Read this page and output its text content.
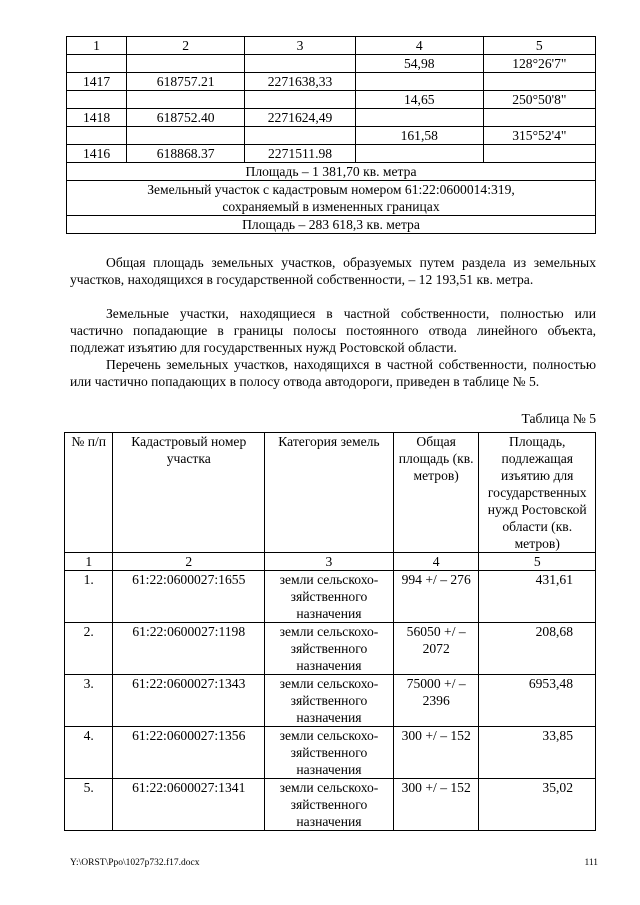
1	2	3	4	5
			54,98	128°26'7"
1417	618757.21	2271638,33		
			14,65	250°50'8"
1418	618752.40	2271624,49		
			161,58	315°52'4"
1416	618868.37	2271511.98		
Площадь – 1 381,70 кв. метра				

Земельный участок с кадастровым номером 61:22:0600014:319,
сохраняемый в измененных границах				

Площадь – 283 618,3 кв. метра				

Общая площадь земельных участков, образуемых путем раздела из земельных участков, находящихся в государственной собственности, – 12 193,51 кв. метра.

Земельные участки, находящиеся в частной собственности, полностью или частично попадающие в границы полосы постоянного отвода линейного объекта, подлежат изъятию для государственных нужд Ростовской области.

Перечень земельных участков, находящихся в частной собственности, полностью или частично попадающих в полосу отвода автодороги, приведен в таблице № 5.

Таблица № 5
№ п/п	Кадастровый номер участка	Категория земель	Общая площадь (кв. метров)	Площадь, подлежащая изъятию для государственных нужд Ростовской области (кв. метров)
1	2	3	4	5
1.	61:22:0600027:1655	земли сельскохо-зяйственного назначения	994 +/ – 276	431,61
2.	61:22:0600027:1198	земли сельскохо-зяйственного назначения	56050 +/ – 2072	208,68
3.	61:22:0600027:1343	земли сельскохо-зяйственного назначения	75000 +/ – 2396	6953,48
4.	61:22:0600027:1356	земли сельскохо-зяйственного назначения	300 +/ – 152	33,85
5.	61:22:0600027:1341	земли сельскохо-зяйственного назначения	300 +/ – 152	35,02
Y:\ORST\Ppo\1027p732.f17.docx	111
